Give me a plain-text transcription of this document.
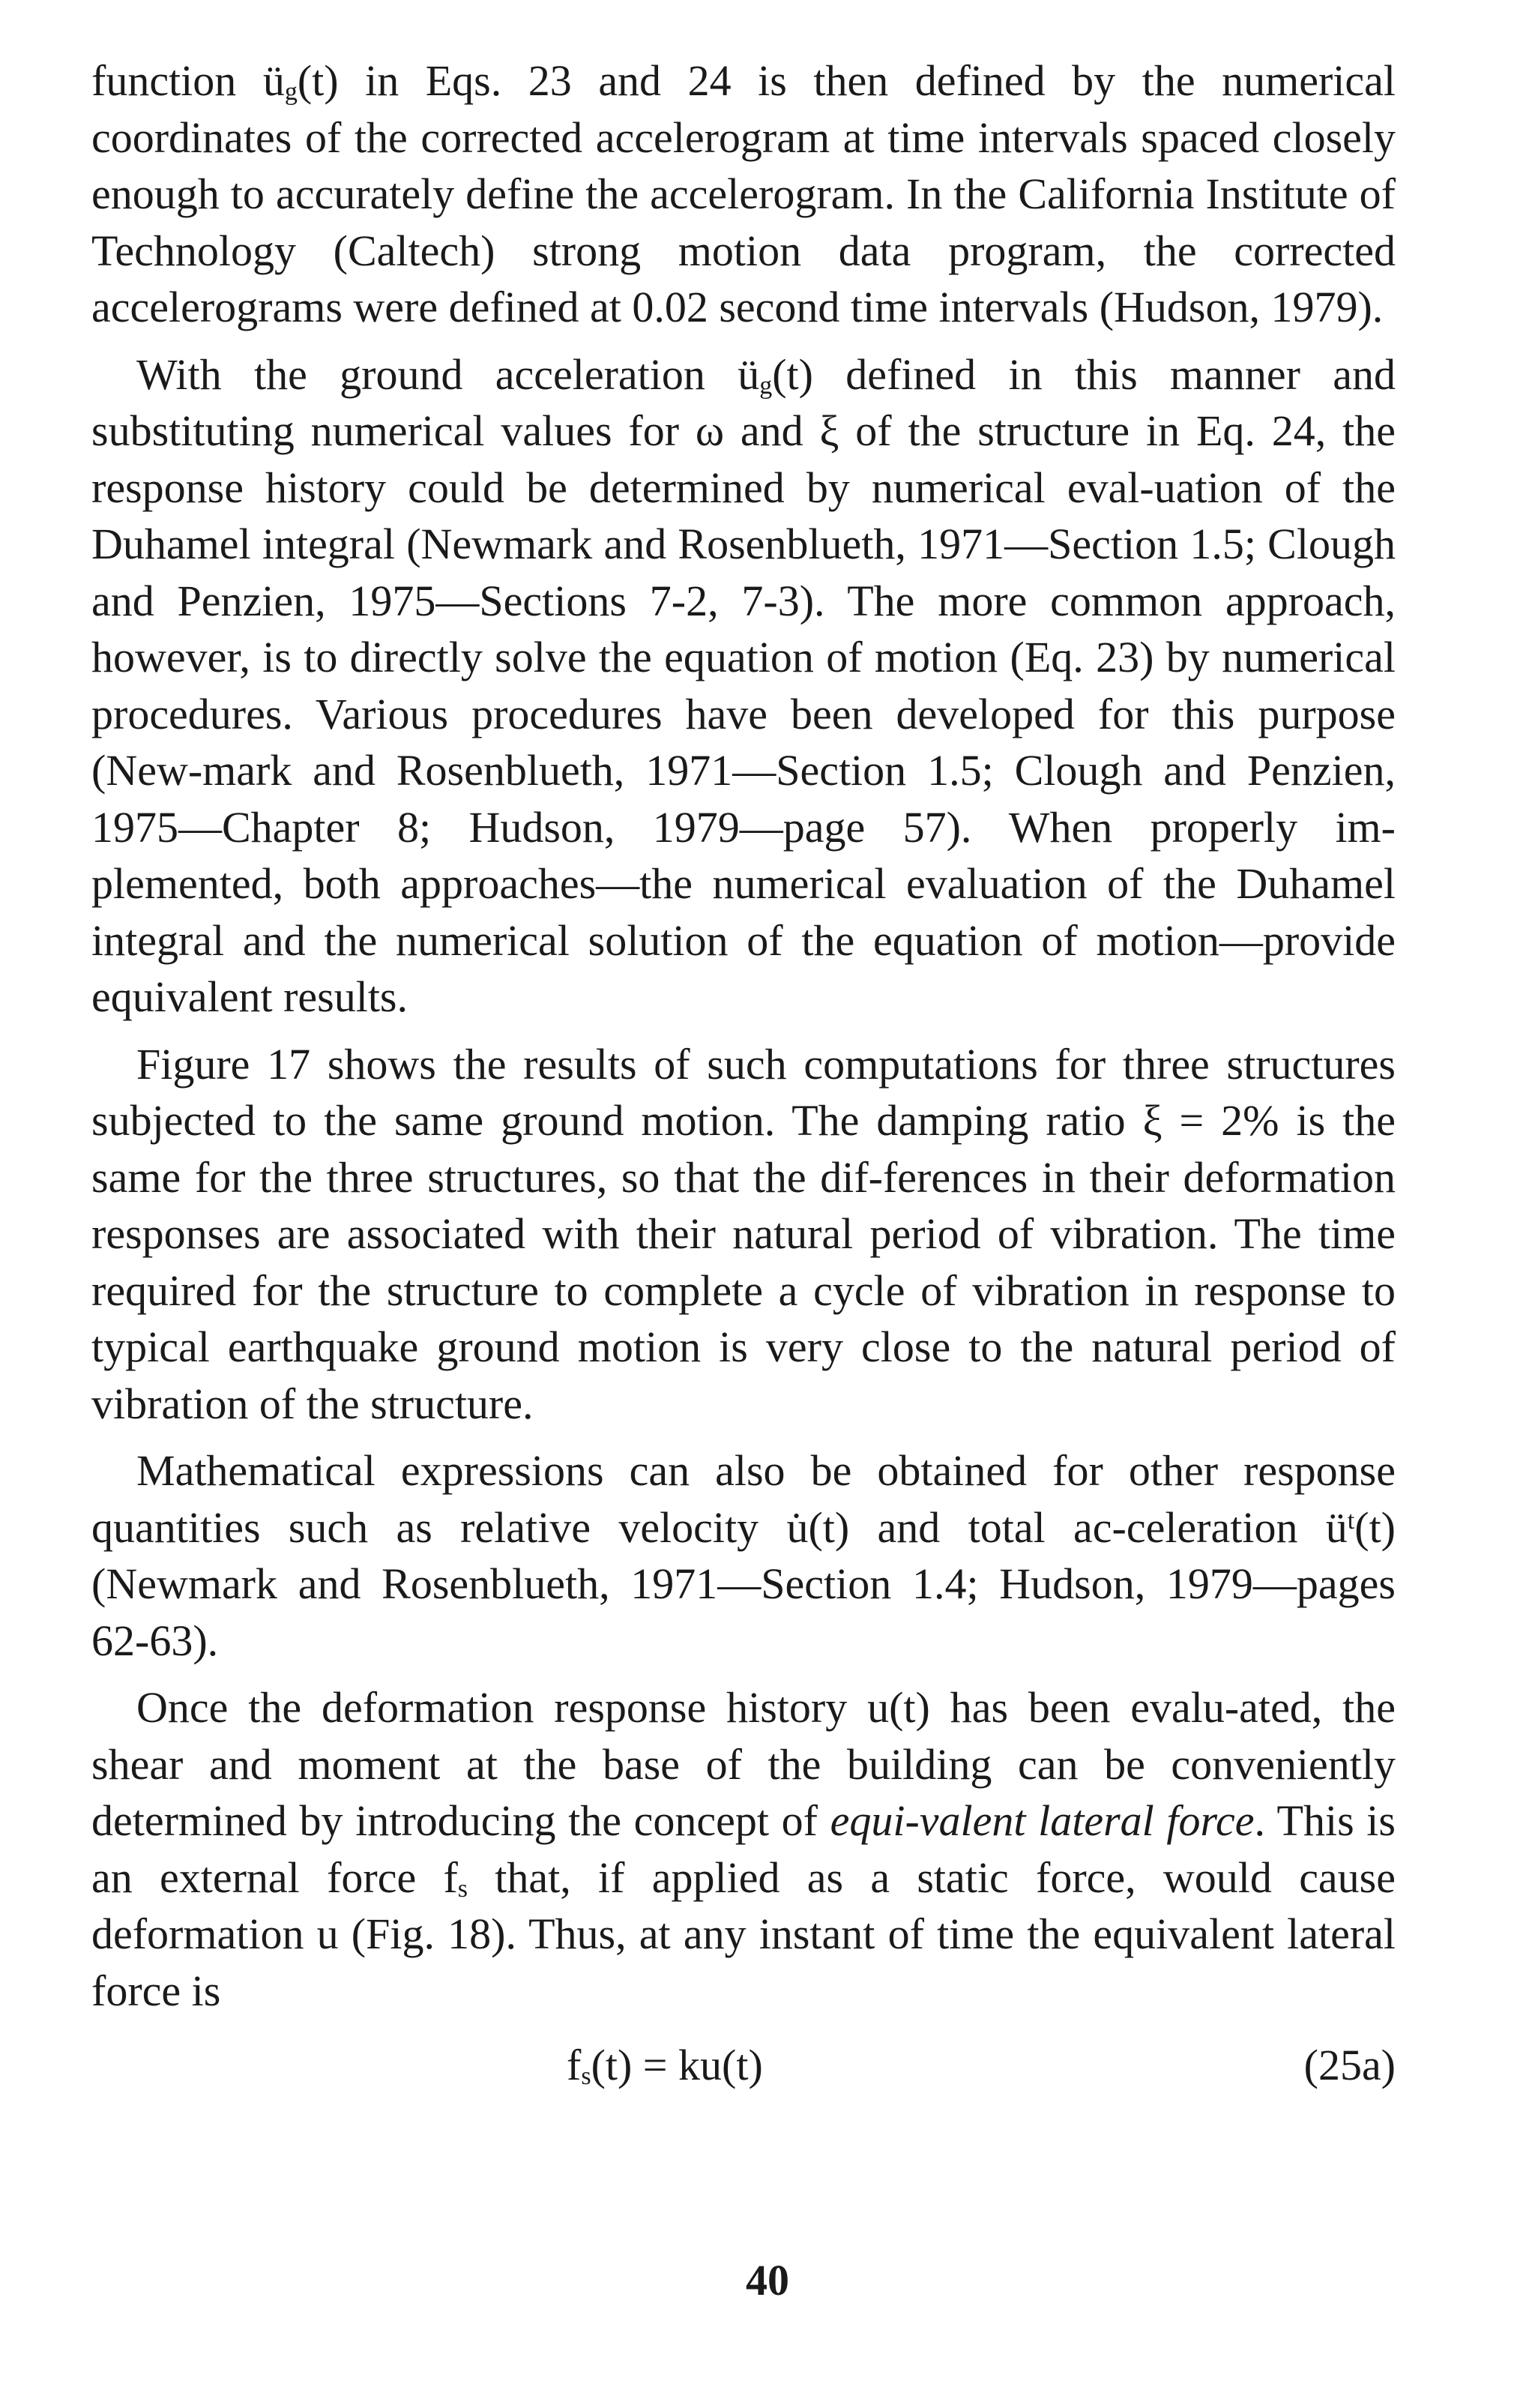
function $ü_g(t)$ in Eqs. 23 and 24 is then defined by the numerical coordinates of the corrected accelerogram at time intervals spaced closely enough to accurately define the accelerogram. In the California Institute of Technology (Caltech) strong motion data program, the corrected accelerograms were defined at 0.02 second time intervals (Hudson, 1979).

With the ground acceleration $ü_g(t)$ defined in this manner and substituting numerical values for ω and ξ of the structure in Eq. 24, the response history could be determined by numerical eval-uation of the Duhamel integral (Newmark and Rosenblueth, 1971—Section 1.5; Clough and Penzien, 1975—Sections 7-2, 7-3). The more common approach, however, is to directly solve the equation of motion (Eq. 23) by numerical procedures. Various procedures have been developed for this purpose (New-mark and Rosenblueth, 1971—Section 1.5; Clough and Penzien, 1975—Chapter 8; Hudson, 1979—page 57). When properly im-plemented, both approaches—the numerical evaluation of the Duhamel integral and the numerical solution of the equation of motion—provide equivalent results.

Figure 17 shows the results of such computations for three structures subjected to the same ground motion. The damping ratio ξ = 2% is the same for the three structures, so that the dif-ferences in their deformation responses are associated with their natural period of vibration. The time required for the structure to complete a cycle of vibration in response to typical earthquake ground motion is very close to the natural period of vibration of the structure.

Mathematical expressions can also be obtained for other response quantities such as relative velocity u̇(t) and total ac-celeration $ü^t(t)$ (Newmark and Rosenblueth, 1971—Section 1.4; Hudson, 1979—pages 62-63).

Once the deformation response history u(t) has been evalu-ated, the shear and moment at the base of the building can be conveniently determined by introducing the concept of equi-valent lateral force. This is an external force $f_s$ that, if applied as a static force, would cause deformation u (Fig. 18). Thus, at any instant of time the equivalent lateral force is

$f_s(t) = ku(t)$	(25a)
40
